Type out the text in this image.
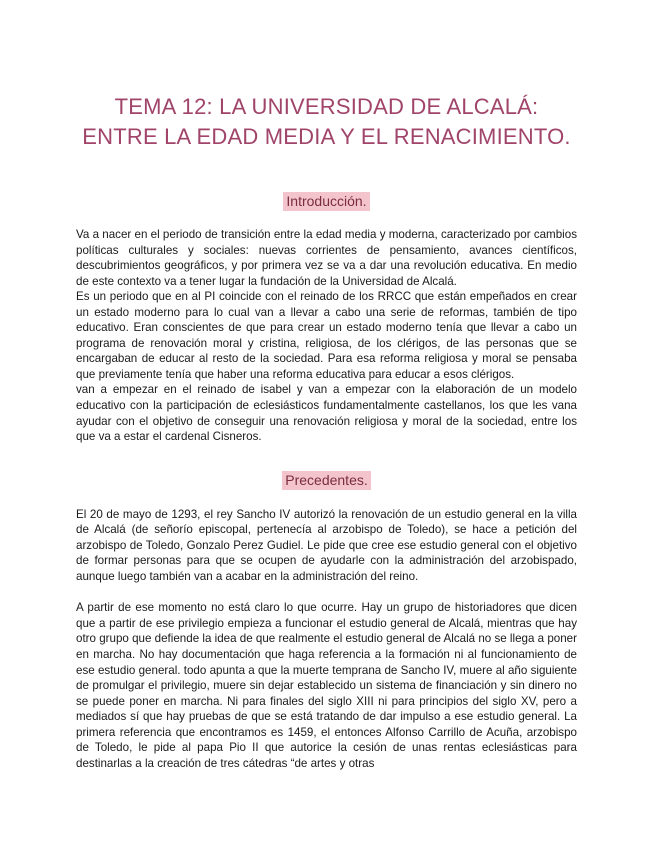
TEMA 12: LA UNIVERSIDAD DE ALCALÁ: ENTRE LA EDAD MEDIA Y EL RENACIMIENTO.
Introducción.

Va a nacer en el periodo de transición entre la edad media y moderna, caracterizado por cambios políticas culturales y sociales: nuevas corrientes de pensamiento, avances científicos, descubrimientos geográficos, y por primera vez se va a dar una revolución educativa. En medio de este contexto va a tener lugar la fundación de la Universidad de Alcalá.

Es un periodo que en al PI coincide con el reinado de los RRCC que están empeñados en crear un estado moderno para lo cual van a llevar a cabo una serie de reformas, también de tipo educativo. Eran conscientes de que para crear un estado moderno tenía que llevar a cabo un programa de renovación moral y cristina, religiosa, de los clérigos, de las personas que se encargaban de educar al resto de la sociedad. Para esa reforma religiosa y moral se pensaba que previamente tenía que haber una reforma educativa para educar a esos clérigos.

van a empezar en el reinado de isabel y van a empezar con la elaboración de un modelo educativo con la participación de eclesiásticos fundamentalmente castellanos, los que les vana ayudar con el objetivo de conseguir una renovación religiosa y moral de la sociedad, entre los que va a estar el cardenal Cisneros.

Precedentes.

El 20 de mayo de 1293, el rey Sancho IV autorizó la renovación de un estudio general en la villa de Alcalá (de señorío episcopal, pertenecía al arzobispo de Toledo), se hace a petición del arzobispo de Toledo, Gonzalo Perez Gudiel. Le pide que cree ese estudio general con el objetivo de formar personas para que se ocupen de ayudarle con la administración del arzobispado, aunque luego también van a acabar en la administración del reino.

A partir de ese momento no está claro lo que ocurre. Hay un grupo de historiadores que dicen que a partir de ese privilegio empieza a funcionar el estudio general de Alcalá, mientras que hay otro grupo que defiende la idea de que realmente el estudio general de Alcalá no se llega a poner en marcha. No hay documentación que haga referencia a la formación ni al funcionamiento de ese estudio general. todo apunta a que la muerte temprana de Sancho IV, muere al año siguiente de promulgar el privilegio, muere sin dejar establecido un sistema de financiación y sin dinero no se puede poner en marcha. Ni para finales del siglo XIII ni para principios del siglo XV, pero a mediados sí que hay pruebas de que se está tratando de dar impulso a ese estudio general. La primera referencia que encontramos es 1459, el entonces Alfonso Carrillo de Acuña, arzobispo de Toledo, le pide al papa Pio II que autorice la cesión de unas rentas eclesiásticas para destinarlas a la creación de tres cátedras “de artes y otras
